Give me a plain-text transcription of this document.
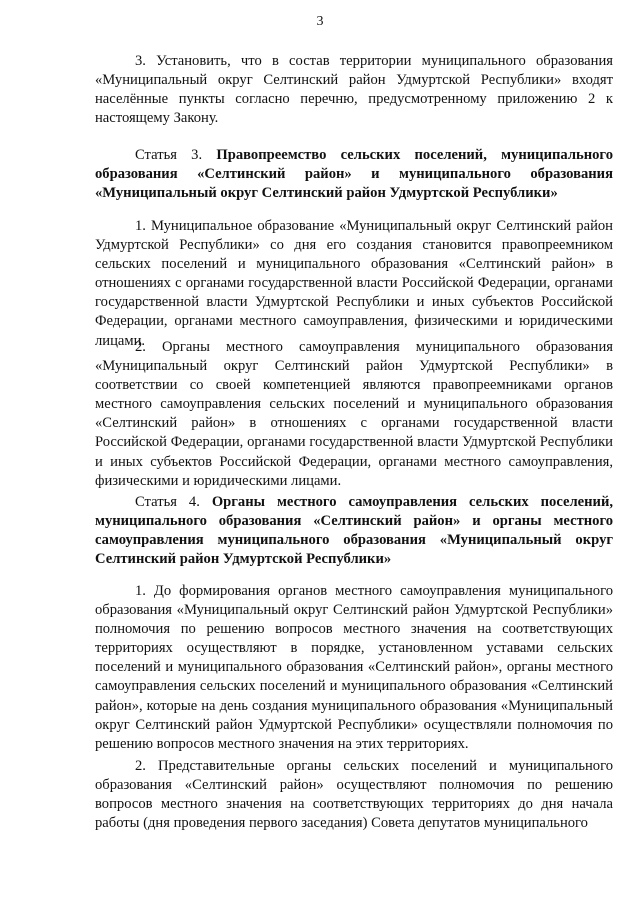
3

3. Установить, что в состав территории муниципального образования «Муниципальный округ Селтинский район Удмуртской Республики» входят населённые пункты согласно перечню, предусмотренному приложению 2 к настоящему Закону.

Статья 3. Правопреемство сельских поселений, муниципального образования «Селтинский район» и муниципального образования «Муниципальный округ Селтинский район Удмуртской Республики»

1. Муниципальное образование «Муниципальный округ Селтинский район Удмуртской Республики» со дня его создания становится правопреемником сельских поселений и муниципального образования «Селтинский район» в отношениях с органами государственной власти Российской Федерации, органами государственной власти Удмуртской Республики и иных субъектов Российской Федерации, органами местного самоуправления, физическими и юридическими лицами.

2. Органы местного самоуправления муниципального образования «Муниципальный округ Селтинский район Удмуртской Республики» в соответствии со своей компетенцией являются правопреемниками органов местного самоуправления сельских поселений и муниципального образования «Селтинский район» в отношениях с органами государственной власти Российской Федерации, органами государственной власти Удмуртской Республики и иных субъектов Российской Федерации, органами местного самоуправления, физическими и юридическими лицами.

Статья 4. Органы местного самоуправления сельских поселений, муниципального образования «Селтинский район» и органы местного самоуправления муниципального образования «Муниципальный округ Селтинский район Удмуртской Республики»

1. До формирования органов местного самоуправления муниципального образования «Муниципальный округ Селтинский район Удмуртской Республики» полномочия по решению вопросов местного значения на соответствующих территориях осуществляют в порядке, установленном уставами сельских поселений и муниципального образования «Селтинский район», органы местного самоуправления сельских поселений и муниципального образования «Селтинский район», которые на день создания муниципального образования «Муниципальный округ Селтинский район Удмуртской Республики» осуществляли полномочия по решению вопросов местного значения на этих территориях.

2. Представительные органы сельских поселений и муниципального образования «Селтинский район» осуществляют полномочия по решению вопросов местного значения на соответствующих территориях до дня начала работы (дня проведения первого заседания) Совета депутатов муниципального
